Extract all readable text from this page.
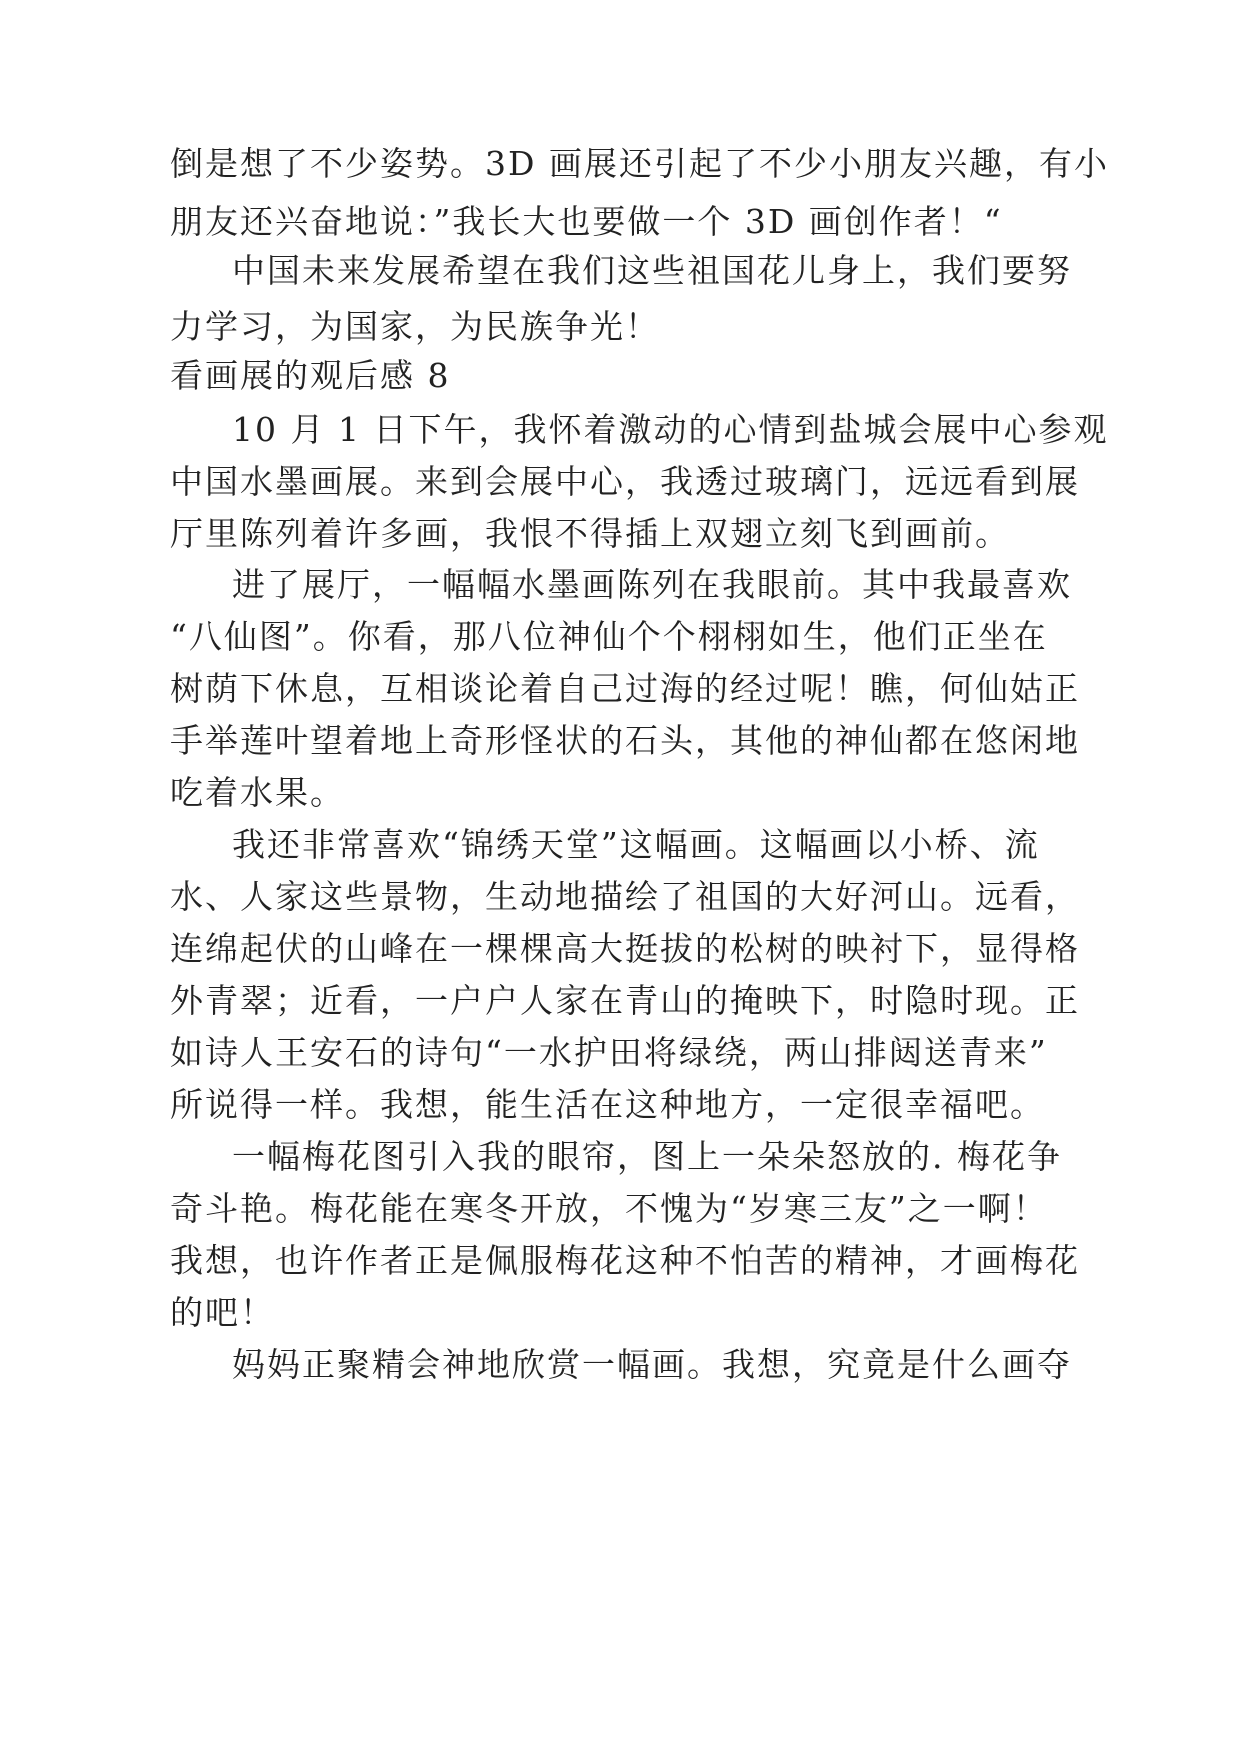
倒是想了不少姿势。3D 画展还引起了不少小朋友兴趣，有小
朋友还兴奋地说：”我长大也要做一个 3D 画创作者！“
中国未来发展希望在我们这些祖国花儿身上，我们要努
力学习，为国家，为民族争光！
看画展的观后感 8
10 月 1 日下午，我怀着激动的心情到盐城会展中心参观
中国水墨画展。来到会展中心，我透过玻璃门，远远看到展
厅里陈列着许多画，我恨不得插上双翅立刻飞到画前。
进了展厅，一幅幅水墨画陈列在我眼前。其中我最喜欢
“八仙图”。你看，那八位神仙个个栩栩如生，他们正坐在
树荫下休息，互相谈论着自己过海的经过呢！瞧，何仙姑正
手举莲叶望着地上奇形怪状的石头，其他的神仙都在悠闲地
吃着水果。
我还非常喜欢“锦绣天堂”这幅画。这幅画以小桥、流
水、人家这些景物，生动地描绘了祖国的大好河山。远看，
连绵起伏的山峰在一棵棵高大挺拔的松树的映衬下，显得格
外青翠；近看，一户户人家在青山的掩映下，时隐时现。正
如诗人王安石的诗句“一水护田将绿绕，两山排闼送青来”
所说得一样。我想，能生活在这种地方，一定很幸福吧。
一幅梅花图引入我的眼帘，图上一朵朵怒放的. 梅花争
奇斗艳。梅花能在寒冬开放，不愧为“岁寒三友”之一啊！
我想，也许作者正是佩服梅花这种不怕苦的精神，才画梅花
的吧！
妈妈正聚精会神地欣赏一幅画。我想，究竟是什么画夺
